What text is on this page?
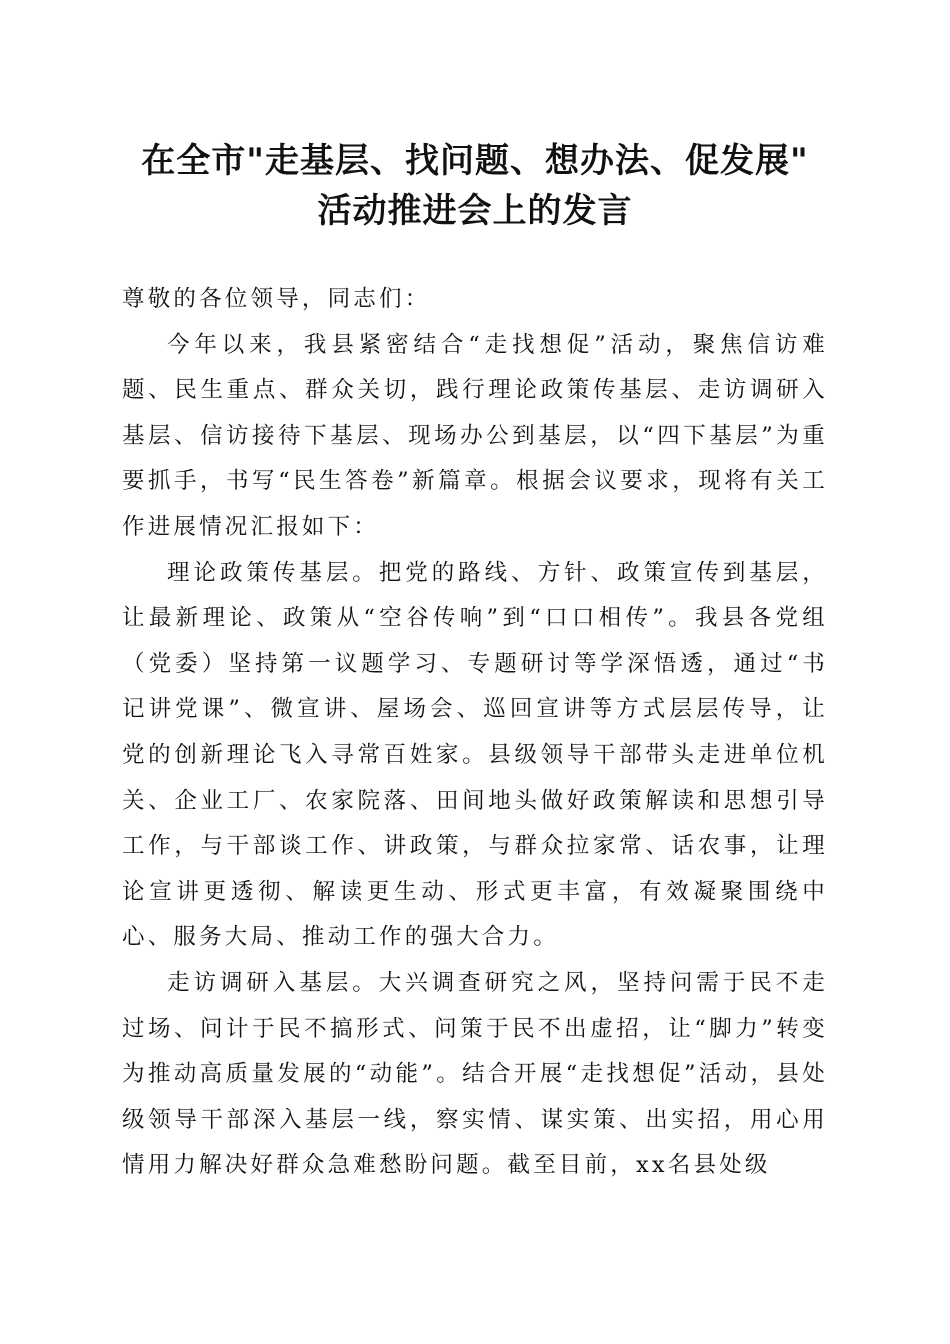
在全市"走基层、找问题、想办法、促发展"
活动推进会上的发言

尊敬的各位领导，同志们：

今年以来，我县紧密结合“走找想促”活动，聚焦信访难题、民生重点、群众关切，践行理论政策传基层、走访调研入基层、信访接待下基层、现场办公到基层，以“四下基层”为重要抓手，书写“民生答卷”新篇章。根据会议要求，现将有关工作进展情况汇报如下：

理论政策传基层。把党的路线、方针、政策宣传到基层，让最新理论、政策从“空谷传响”到“口口相传”。我县各党组（党委）坚持第一议题学习、专题研讨等学深悟透，通过“书记讲党课”、微宣讲、屋场会、巡回宣讲等方式层层传导，让党的创新理论飞入寻常百姓家。县级领导干部带头走进单位机关、企业工厂、农家院落、田间地头做好政策解读和思想引导工作，与干部谈工作、讲政策，与群众拉家常、话农事，让理论宣讲更透彻、解读更生动、形式更丰富，有效凝聚围绕中心、服务大局、推动工作的强大合力。

走访调研入基层。大兴调查研究之风，坚持问需于民不走过场、问计于民不搞形式、问策于民不出虚招，让“脚力”转变为推动高质量发展的“动能”。结合开展“走找想促”活动，县处级领导干部深入基层一线，察实情、谋实策、出实招，用心用情用力解决好群众急难愁盼问题。截至目前，xx名县处级
